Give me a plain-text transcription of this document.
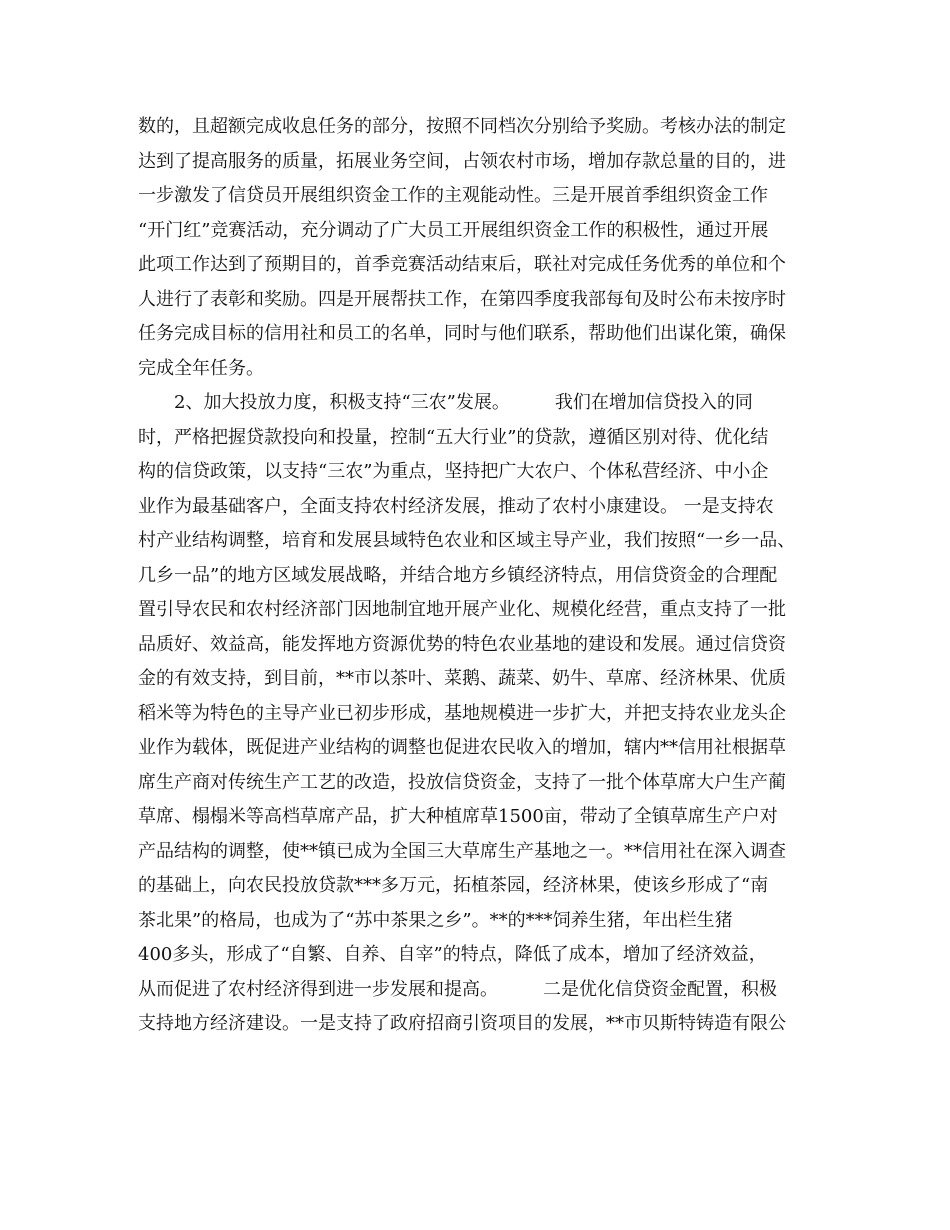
数的，且超额完成收息任务的部分，按照不同档次分别给予奖励。考核办法的制定
达到了提高服务的质量，拓展业务空间，占领农村市场，增加存款总量的目的，进
一步激发了信贷员开展组织资金工作的主观能动性。三是开展首季组织资金工作
“开门红”竞赛活动，充分调动了广大员工开展组织资金工作的积极性，通过开展
此项工作达到了预期目的，首季竞赛活动结束后，联社对完成任务优秀的单位和个
人进行了表彰和奖励。四是开展帮扶工作，在第四季度我部每旬及时公布未按序时
任务完成目标的信用社和员工的名单，同时与他们联系，帮助他们出谋化策，确保
完成全年任务。
　　2、加大投放力度，积极支持“三农”发展。　　　我们在增加信贷投入的同
时，严格把握贷款投向和投量，控制“五大行业”的贷款，遵循区别对待、优化结
构的信贷政策，以支持“三农”为重点，坚持把广大农户、个体私营经济、中小企
业作为最基础客户，全面支持农村经济发展，推动了农村小康建设。 一是支持农
村产业结构调整，培育和发展县域特色农业和区域主导产业，我们按照“一乡一品、
几乡一品”的地方区域发展战略，并结合地方乡镇经济特点，用信贷资金的合理配
置引导农民和农村经济部门因地制宜地开展产业化、规模化经营，重点支持了一批
品质好、效益高，能发挥地方资源优势的特色农业基地的建设和发展。通过信贷资
金的有效支持，到目前，**市以茶叶、菜鹅、蔬菜、奶牛、草席、经济林果、优质
稻米等为特色的主导产业已初步形成，基地规模进一步扩大，并把支持农业龙头企
业作为载体，既促进产业结构的调整也促进农民收入的增加，辖内**信用社根据草
席生产商对传统生产工艺的改造，投放信贷资金，支持了一批个体草席大户生产蔺
草席、榻榻米等高档草席产品，扩大种植席草1500亩，带动了全镇草席生产户对
产品结构的调整，使**镇已成为全国三大草席生产基地之一。**信用社在深入调查
的基础上，向农民投放贷款***多万元，拓植茶园，经济林果，使该乡形成了“南
茶北果”的格局，也成为了“苏中茶果之乡”。**的***饲养生猪，年出栏生猪
400多头，形成了“自繁、自养、自宰”的特点，降低了成本，增加了经济效益，
从而促进了农村经济得到进一步发展和提高。　　　二是优化信贷资金配置，积极
支持地方经济建设。一是支持了政府招商引资项目的发展，**市贝斯特铸造有限公
